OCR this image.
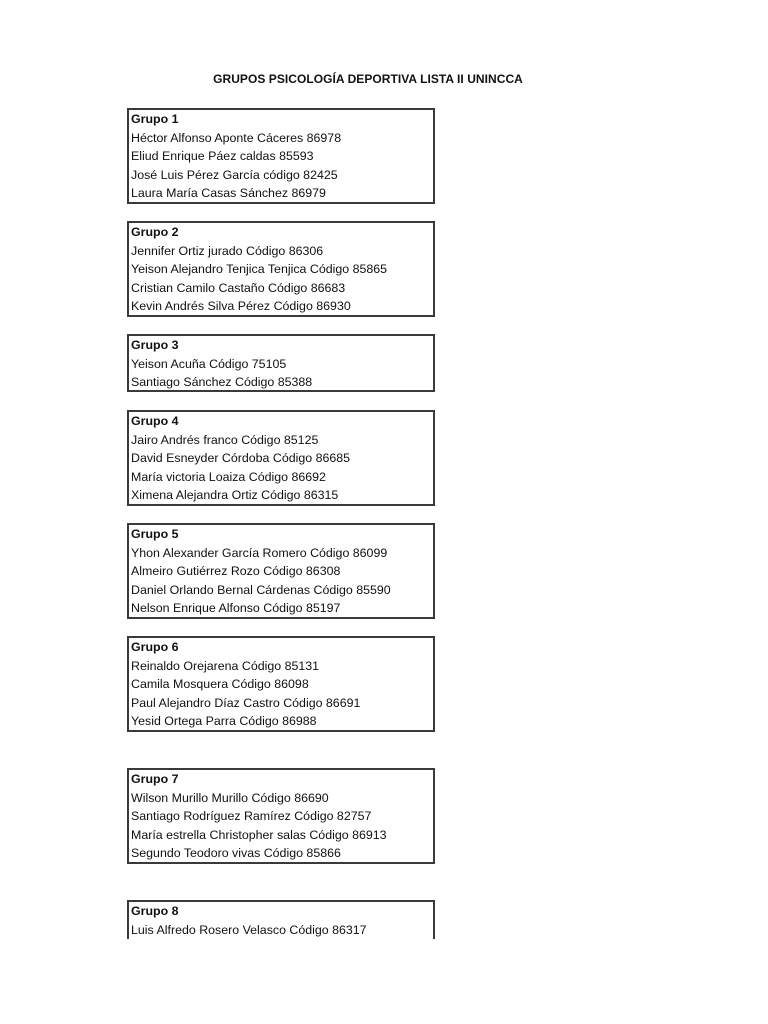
GRUPOS PSICOLOGÍA DEPORTIVA LISTA II UNINCCA
Grupo 1
Héctor Alfonso Aponte Cáceres 86978
Eliud Enrique Páez caldas 85593
José Luis Pérez García código 82425
Laura María Casas Sánchez 86979
Grupo 2
Jennifer Ortiz jurado Código 86306
Yeison Alejandro Tenjica Tenjica Código 85865
Cristian Camilo Castaño Código 86683
Kevin Andrés Silva Pérez Código 86930
Grupo 3
Yeison Acuña Código 75105
Santiago Sánchez Código 85388
Grupo 4
Jairo Andrés franco Código 85125
David Esneyder Córdoba Código 86685
María victoria Loaiza Código 86692
Ximena Alejandra Ortiz Código 86315
Grupo 5
Yhon Alexander García Romero Código 86099
Almeiro Gutiérrez Rozo Código 86308
Daniel Orlando Bernal Cárdenas Código 85590
Nelson Enrique Alfonso Código 85197
Grupo 6
Reinaldo Orejarena Código 85131
Camila Mosquera Código 86098
Paul Alejandro Díaz Castro Código 86691
Yesid Ortega Parra Código 86988
Grupo 7
Wilson Murillo Murillo Código 86690
Santiago Rodríguez Ramírez Código 82757
María estrella Christopher salas Código 86913
Segundo Teodoro vivas Código 85866
Grupo 8
Luis Alfredo Rosero Velasco Código 86317
